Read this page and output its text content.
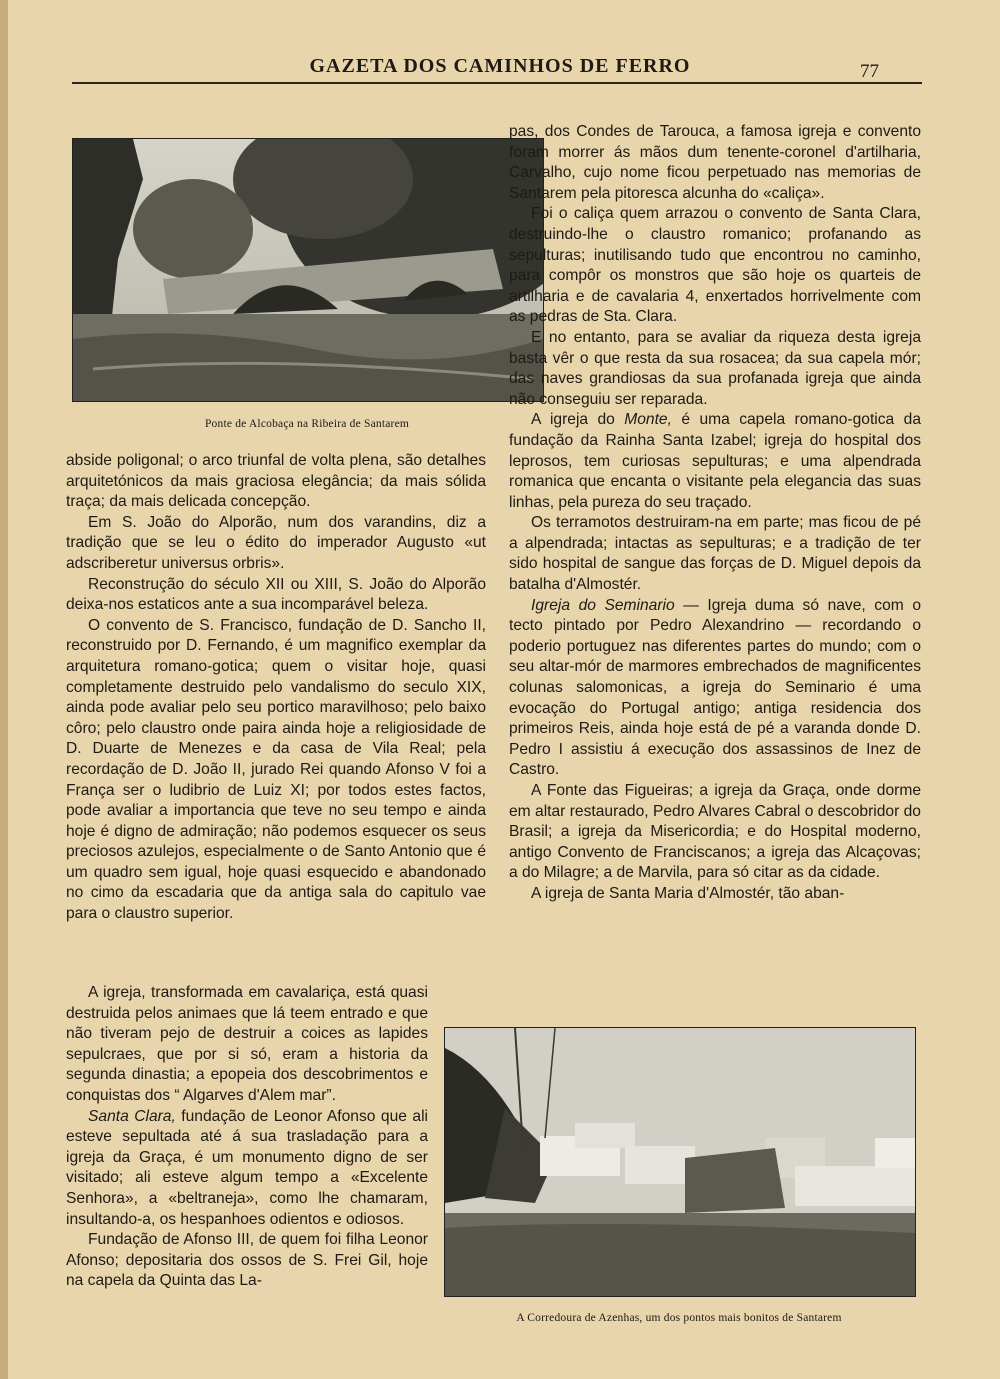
GAZETA DOS CAMINHOS DE FERRO	77
Ponte de Alcobaça na Ribeira de Santarem

abside poligonal; o arco triunfal de volta plena, são detalhes arquitetónicos da mais graciosa elegância; da mais sólida traça; da mais delicada concepção.

Em S. João do Alporão, num dos varandins, diz a tradição que se leu o édito do imperador Augusto «ut adscriberetur universus orbris».

Reconstrução do século XII ou XIII, S. João do Alporão deixa-nos estaticos ante a sua incomparável beleza.

O convento de S. Francisco, fundação de D. Sancho II, reconstruido por D. Fernando, é um magnifico exemplar da arquitetura romano-gotica; quem o visitar hoje, quasi completamente destruido pelo vandalismo do seculo XIX, ainda pode avaliar pelo seu portico maravilhoso; pelo baixo côro; pelo claustro onde paira ainda hoje a religiosidade de D. Duarte de Menezes e da casa de Vila Real; pela recordação de D. João II, jurado Rei quando Afonso V foi a França ser o ludibrio de Luiz XI; por todos estes factos, pode avaliar a importancia que teve no seu tempo e ainda hoje é digno de admiração; não podemos esquecer os seus preciosos azulejos, especialmente o de Santo Antonio que é um quadro sem igual, hoje quasi esquecido e abandonado no cimo da escadaria que da antiga sala do capitulo vae para o claustro superior.

A igreja, transformada em cavalariça, está quasi destruida pelos animaes que lá teem entrado e que não tiveram pejo de destruir a coices as lapides sepulcraes, que por si só, eram a historia da segunda dinastia; a epopeia dos descobrimentos e conquistas dos “ Algarves d'Alem mar”.

Santa Clara, fundação de Leonor Afonso que ali esteve sepultada até á sua trasladação para a igreja da Graça, é um monumento digno de ser visitado; ali esteve algum tempo a «Excelente Senhora», a «beltraneja», como lhe chamaram, insultando-a, os hespanhoes odientos e odiosos.

Fundação de Afonso III, de quem foi filha Leonor Afonso; depositaria dos ossos de S. Frei Gil, hoje na capela da Quinta das La-

pas, dos Condes de Tarouca, a famosa igreja e convento foram morrer ás mãos dum tenente-coronel d'artilharia, Carvalho, cujo nome ficou perpetuado nas memorias de Santarem pela pitoresca alcunha do «caliça».

Foi o caliça quem arrazou o convento de Santa Clara, destruindo-lhe o claustro romanico; profanando as sepulturas; inutilisando tudo que encontrou no caminho, para compôr os monstros que são hoje os quarteis de artilharia e de cavalaria 4, enxertados horrivelmente com as pedras de Sta. Clara.

E no entanto, para se avaliar da riqueza desta igreja basta vêr o que resta da sua rosacea; da sua capela mór; das naves grandiosas da sua profanada igreja que ainda não conseguiu ser reparada.

A igreja do Monte, é uma capela romano-gotica da fundação da Rainha Santa Izabel; igreja do hospital dos leprosos, tem curiosas sepulturas; e uma alpendrada romanica que encanta o visitante pela elegancia das suas linhas, pela pureza do seu traçado.

Os terramotos destruiram-na em parte; mas ficou de pé a alpendrada; intactas as sepulturas; e a tradição de ter sido hospital de sangue das forças de D. Miguel depois da batalha d'Almostér.

Igreja do Seminario — Igreja duma só nave, com o tecto pintado por Pedro Alexandrino — recordando o poderio portuguez nas diferentes partes do mundo; com o seu altar-mór de marmores embrechados de magnificentes colunas salomonicas, a igreja do Seminario é uma evocação do Portugal antigo; antiga residencia dos primeiros Reis, ainda hoje está de pé a varanda donde D. Pedro I assistiu á execução dos assassinos de Inez de Castro.

A Fonte das Figueiras; a igreja da Graça, onde dorme em altar restaurado, Pedro Alvares Cabral o descobridor do Brasil; a igreja da Misericordia; e do Hospital moderno, antigo Convento de Franciscanos; a igreja das Alcaçovas; a do Milagre; a de Marvila, para só citar as da cidade.

A igreja de Santa Maria d'Almostér, tão aban-

A Corredoura de Azenhas, um dos pontos mais bonitos de Santarem
